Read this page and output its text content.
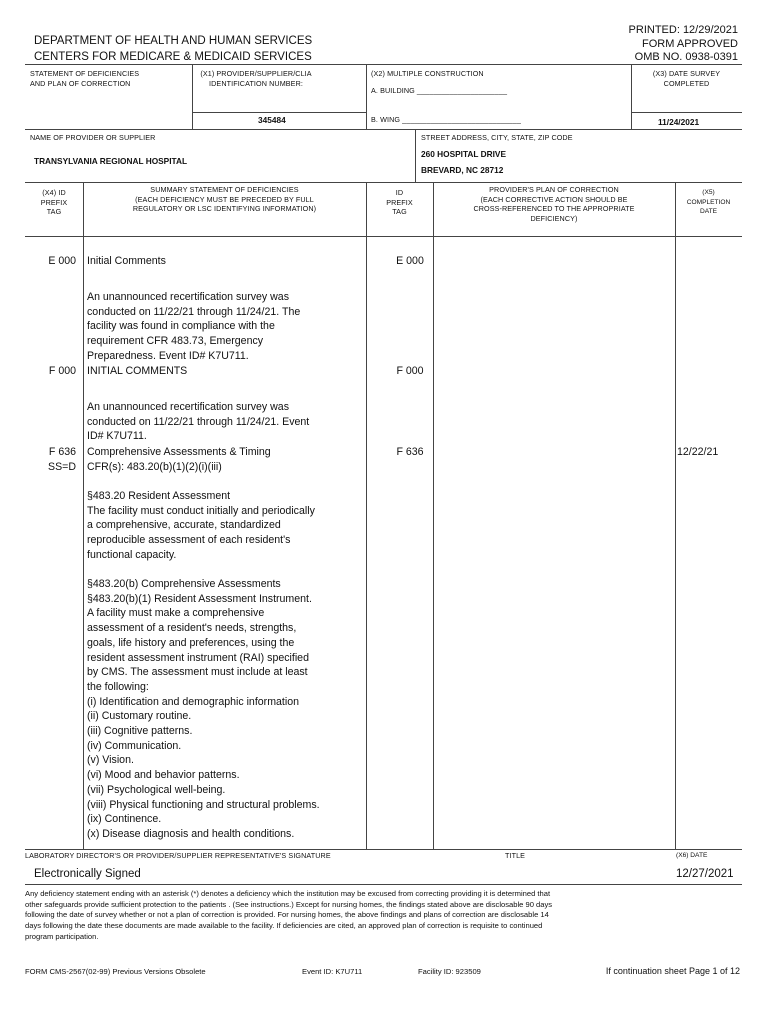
PRINTED: 12/29/2021
FORM APPROVED
OMB NO. 0938-0391
DEPARTMENT OF HEALTH AND HUMAN SERVICES
CENTERS FOR MEDICARE & MEDICAID SERVICES
STATEMENT OF DEFICIENCIES
AND PLAN OF CORRECTION
(X1) PROVIDER/SUPPLIER/CLIA
IDENTIFICATION NUMBER:
345484
(X2) MULTIPLE CONSTRUCTION
A. BUILDING ______________________
B. WING _____________________________
(X3) DATE SURVEY
COMPLETED
11/24/2021
NAME OF PROVIDER OR SUPPLIER
TRANSYLVANIA REGIONAL HOSPITAL
STREET ADDRESS, CITY, STATE, ZIP CODE
260 HOSPITAL DRIVE
BREVARD, NC 28712
(X4) ID
PREFIX
TAG
SUMMARY STATEMENT OF DEFICIENCIES
(EACH DEFICIENCY MUST BE PRECEDED BY FULL
REGULATORY OR LSC IDENTIFYING INFORMATION)
ID
PREFIX
TAG
PROVIDER'S PLAN OF CORRECTION
(EACH CORRECTIVE ACTION SHOULD BE
CROSS-REFERENCED TO THE APPROPRIATE
DEFICIENCY)
(X5)
COMPLETION
DATE
E 000 Initial Comments	E 000
An unannounced recertification survey was
conducted on 11/22/21 through 11/24/21. The
facility was found in compliance with the
requirement CFR 483.73, Emergency
Preparedness. Event ID# K7U711.
F 000 INITIAL COMMENTS	F 000
An unannounced recertification survey was
conducted on 11/22/21 through 11/24/21. Event
ID# K7U711.
F 636
SS=D
Comprehensive Assessments & Timing
CFR(s): 483.20(b)(1)(2)(i)(iii)
F 636	12/22/21
§483.20 Resident Assessment
The facility must conduct initially and periodically
a comprehensive, accurate, standardized
reproducible assessment of each resident's
functional capacity.
§483.20(b) Comprehensive Assessments
§483.20(b)(1) Resident Assessment Instrument.
A facility must make a comprehensive
assessment of a resident's needs, strengths,
goals, life history and preferences, using the
resident assessment instrument (RAI) specified
by CMS. The assessment must include at least
the following:
(i) Identification and demographic information
(ii) Customary routine.
(iii) Cognitive patterns.
(iv) Communication.
(v) Vision.
(vi) Mood and behavior patterns.
(vii) Psychological well-being.
(viii) Physical functioning and structural problems.
(ix) Continence.
(x) Disease diagnosis and health conditions.
LABORATORY DIRECTOR'S OR PROVIDER/SUPPLIER REPRESENTATIVE'S SIGNATURE	TITLE	(X6) DATE
Electronically Signed	12/27/2021
Any deficiency statement ending with an asterisk (*) denotes a deficiency which the institution may be excused from correcting providing it is determined that
other safeguards provide sufficient protection to the patients . (See instructions.) Except for nursing homes, the findings stated above are disclosable 90 days
following the date of survey whether or not a plan of correction is provided. For nursing homes, the above findings and plans of correction are disclosable 14
days following the date these documents are made available to the facility. If deficiencies are cited, an approved plan of correction is requisite to continued
program participation.
FORM CMS-2567(02-99) Previous Versions Obsolete	Event ID: K7U711	Facility ID: 923509	If continuation sheet Page 1 of 12
